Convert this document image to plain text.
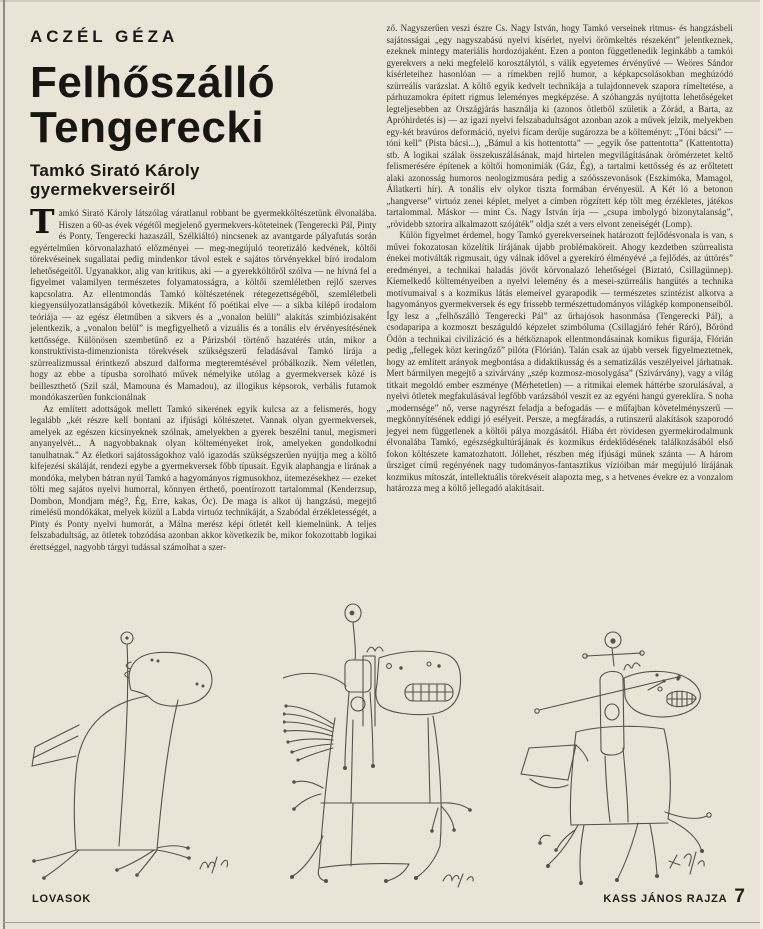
ACZÉL GÉZA
Felhőszálló
Tengerecki
Tamkó Sirató Károly
gyermekverseiről

Tamkó Sirató Károly látszólag váratlanul robbant be gyermekköltészetünk élvonalába. Hiszen a 60-as évek végétől megjelenő gyermekvers-köteteinek (Tengerecki Pál, Pinty és Ponty, Tengerecki hazaszáll, Szélkiáltó) nincsenek az avantgarde pályafutás során egyértelműen körvonalazható előzményei — meg-megújuló teoretizáló kedvének, költői törekvéseinek sugallatai pedig mindenkor távol estek e sajátos törvényekkel bíró irodalom lehetőségeitől. Ugyanakkor, alig van kritikus, aki — a gyerekköltőről szólva — ne hívná fel a figyelmet valamilyen természetes folyamatosságra, a költői szemléletben rejlő szerves kapcsolatra. Az ellentmondás Tamkó költészetének rétegezettségéből, szemléletbeli kiegyensúlyozatlanságából következik. Miként fő poétikai elve — a síkba kilépő irodalom teóriája — az egész életműben a sikvers és a „vonalon belüli” alakítás szimbiózisaként jelentkezik, a „vonalon belül” is megfigyelhető a vizuális és a tonális elv érvényesítésének kettőssége. Különösen szembetűnő ez a Párizsból történő hazatérés után, mikor a konstruktivista-dimenzionista törekvések szükségszerű feladásával Tamkó lírája a szürrealizmussal érintkező abszurd dalforma megteremtésével próbálkozik. Nem véletlen, hogy az ebbe a típusba sorolható művek némelyike utólag a gyermekversek közé is beilleszthető (Szil szál, Mamouna és Mamadou), az illogikus képsorok, verbális futamok mondókaszerűen funkcionálnak

Az említett adottságok mellett Tamkó sikerének egyik kulcsa az a felismerés, hogy legalább „két részre kell bontani az ifjúsági költészetet. Vannak olyan gyermekversek, amelyek az egészen kicsinyeknek szólnak, amelyekben a gyerek beszélni tanul, megismeri anyanyelvét... A nagyobbaknak olyan költeményeket írok, amelyeken gondolkodni tanulhatnak.” Az életkori sajátosságokhoz való igazodás szükségszerűen nyújtja meg a költő kifejezési skáláját, rendezi egybe a gyermekversek főbb típusait. Egyik alaphangja e lírának a mondóka, melyben bátran nyúl Tamkó a hagyományos rigmusokhoz, ütemezésekhez — ezeket tölti meg sajátos nyelvi humorral, könnyen érthető, poentírozott tartalommal (Kenderzsup, Dombon, Mondjam még?, Ég, Erre, kakas, Óc). De maga is alkot új hangzású, megejtő rímelésű mondókákat, melyek közül a Labda virtuóz technikáját, a Szabódal érzékletességét, a Pinty és Ponty nyelvi humorát, a Málna merész képi ötletét kell kiemelnünk. A teljes felszabadultság, az ötletek tobzódása azonban akkor következik be, mikor fokozottabb logikai érettséggel, nagyobb tárgyi tudással számolhat a szer-

ző. Nagyszerűen veszi észre Cs. Nagy István, hogy Tamkó verseinek ritmus- és hangzásbeli sajátosságai „egy nagyszabású nyelvi kísérlet, nyelvi örömkeltés részeként” jelentkeznek, ezeknek mintegy materiális hordozójaként. Ezen a ponton függetlenedik leginkább a tamkói gyerekvers a neki megfelelő korosztálytól, s válik egyetemes érvényűvé — Weöres Sándor kísérleteihez hasonlóan — a rímekben rejlő humor, a képkapcsolásokban meghúzódó szürreális varázslat. A költő egyik kedvelt technikája a tulajdonnevek szapora rímeltetése, a párhuzamokra épített rigmus leleményes megképzése. A szóhangzás nyújtotta lehetőségeket legteljesebben az Országjárás használja ki (azonos ötletből születik a Zórád, a Barta, az Apróhirdetés is) — az igazi nyelvi felszabadultságot azonban azok a művek jelzik, melyekben egy-két bravúros deformáció, nyelvi ficam derűje sugározza be a költeményt: „Tóni bácsi” — tóni kell” (Pista bácsi...), „Bámul a kis hottentotta” — „egyik őse pattentotta” (Kattentotta) stb. A logikai szálak összekuszálásának, majd hirtelen megvilágításának örömérzetet keltő felismerésére építenek a költői homonimiák (Gáz, Ég), a tartalmi kettősség és az erőltetett alaki azonosság humoros neologizmusára pedig a szóösszevonások (Eszkimóka, Mamagol, Állatkerti hír). A tonális elv olykor tiszta formában érvényesül. A Két ló a betonon „hangverse” virtuóz zenei képlet, melyet a címben rögzített kép tölt meg érzékletes, játékos tartalommal. Máskor — mint Cs. Nagy István írja — „csupa imbolygó bizonytalanság”, „rövidebb sztorira alkalmazott szójáték” oldja szét a vers elvont zeneiségét (Lomp).

Külön figyelmet érdemel, hogy Tamkó gyerekverseinek határozott fejlődésvonala is van, s művei fokozatosan közelítik lírájának újabb problémaköreit. Ahogy kezdetben szürrealista énekei motiválták rigmusait, úgy válnak idővel a gyerekíró élményévé „a fejlődés, az úttörés” eredményei, a technikai haladás jövőt körvonalazó lehetőségei (Biztató, Csillagünnep). Kiemelkedő költeményeiben a nyelvi lelemény és a mesei-szürreális hangütés a technika motívumaival s a kozmikus látás elemeivel gyarapodik — természetes szintézist alkotva a hagyományos gyermekversek és egy frissebb természettudományos világkép komponenseiből. Így lesz a „felhőszálló Tengerecki Pál” az űrhajósok hasonmása (Tengerecki Pál), a csodaparipa a kozmoszt beszáguldó képzelet szimbóluma (Csillagjáró fehér Ráró), Bőrönd Ödön a technikai civilizáció és a hétköznapok ellentmondásainak komikus figurája, Flórián pedig „fellegek közt keringőző” pilóta (Flórián). Talán csak az újabb versek figyelmeztetnek, hogy az említett arányok megbontása a didaktikusság és a sematizálás veszélyeivel járhatnak. Mert bármilyen megejtő a szivárvány „szép kozmosz-mosolygása” (Szivárvány), vagy a világ titkait megoldó ember eszménye (Mérhetetlen) — a ritmikai elemek háttérbe szorulásával, a nyelvi ötletek megfakulásával legfőbb varázsából veszít ez az egyéni hangú gyereklíra. S noha „modernsége” nő, verse nagyrészt feladja a befogadás — e műfajban követelményszerű — megkönnyítésének eddigi jó esélyeit. Persze, a megfáradás, a rutinszerű alakítások szaporodó jegyei nem függetlenek a költői pálya mozgásától. Hiába ért rövidesen gyermekirodalmunk élvonalába Tamkó, egészségkultúrájának és kozmikus érdeklődésének találkozásából első fokon költészete kamatozhatott. Jóllehet, részben még ifjúsági műnek szánta — A három űrsziget című regényének nagy tudományos-fantasztikus vízióiban már megújuló lírájának kozmikus mítoszát, intellektuális törekvéseit alapozta meg, s a hetvenes évekre ez a vonzalom határozza meg a költő jellegadó alakításait.

LOVASOK	KASS JÁNOS RAJZA 7
